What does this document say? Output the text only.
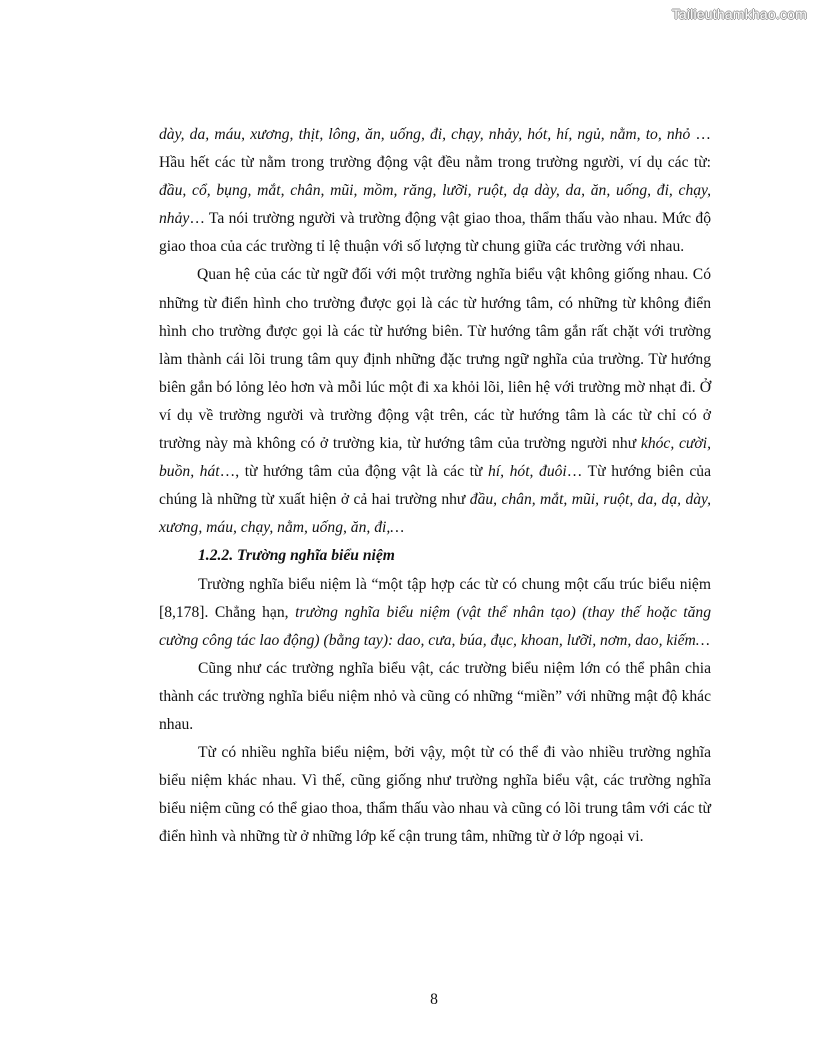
Tailieuthamkhao.com

dày, da, máu, xương, thịt, lông, ăn, uống, đi, chạy, nhảy, hót, hí, ngủ, nằm, to, nhỏ … Hầu hết các từ nằm trong trường động vật đều nằm trong trường người, ví dụ các từ: đầu, cổ, bụng, mắt, chân, mũi, mồm, răng, lưỡi, ruột, dạ dày, da, ăn, uống, đi, chạy, nhảy… Ta nói trường người và trường động vật giao thoa, thẩm thấu vào nhau. Mức độ giao thoa của các trường tỉ lệ thuận với số lượng từ chung giữa các trường với nhau.

Quan hệ của các từ ngữ đối với một trường nghĩa biểu vật không giống nhau. Có những từ điển hình cho trường được gọi là các từ hướng tâm, có những từ không điển hình cho trường được gọi là các từ hướng biên. Từ hướng tâm gắn rất chặt với trường làm thành cái lõi trung tâm quy định những đặc trưng ngữ nghĩa của trường. Từ hướng biên gắn bó lỏng lẻo hơn và mỗi lúc một đi xa khỏi lõi, liên hệ với trường mờ nhạt đi. Ở ví dụ về trường người và trường động vật trên, các từ hướng tâm là các từ chỉ có ở trường này mà không có ở trường kia, từ hướng tâm của trường người như khóc, cười, buồn, hát…, từ hướng tâm của động vật là các từ hí, hót, đuôi… Từ hướng biên của chúng là những từ xuất hiện ở cả hai trường như đầu, chân, mắt, mũi, ruột, da, dạ, dày, xương, máu, chạy, nằm, uống, ăn, đi,…

1.2.2. Trường nghĩa biểu niệm

Trường nghĩa biểu niệm là “một tập hợp các từ có chung một cấu trúc biểu niệm [8,178]. Chẳng hạn, trường nghĩa biểu niệm (vật thể nhân tạo) (thay thế hoặc tăng cường công tác lao động) (bằng tay): dao, cưa, búa, đục, khoan, lưỡi, nơm, dao, kiếm…

Cũng như các trường nghĩa biểu vật, các trường biểu niệm lớn có thể phân chia thành các trường nghĩa biểu niệm nhỏ và cũng có những “miền” với những mật độ khác nhau.

Từ có nhiều nghĩa biểu niệm, bởi vậy, một từ có thể đi vào nhiều trường nghĩa biểu niệm khác nhau. Vì thế, cũng giống như trường nghĩa biểu vật, các trường nghĩa biểu niệm cũng có thể giao thoa, thẩm thấu vào nhau và cũng có lõi trung tâm với các từ điển hình và những từ ở những lớp kế cận trung tâm, những từ ở lớp ngoại vi.

8
